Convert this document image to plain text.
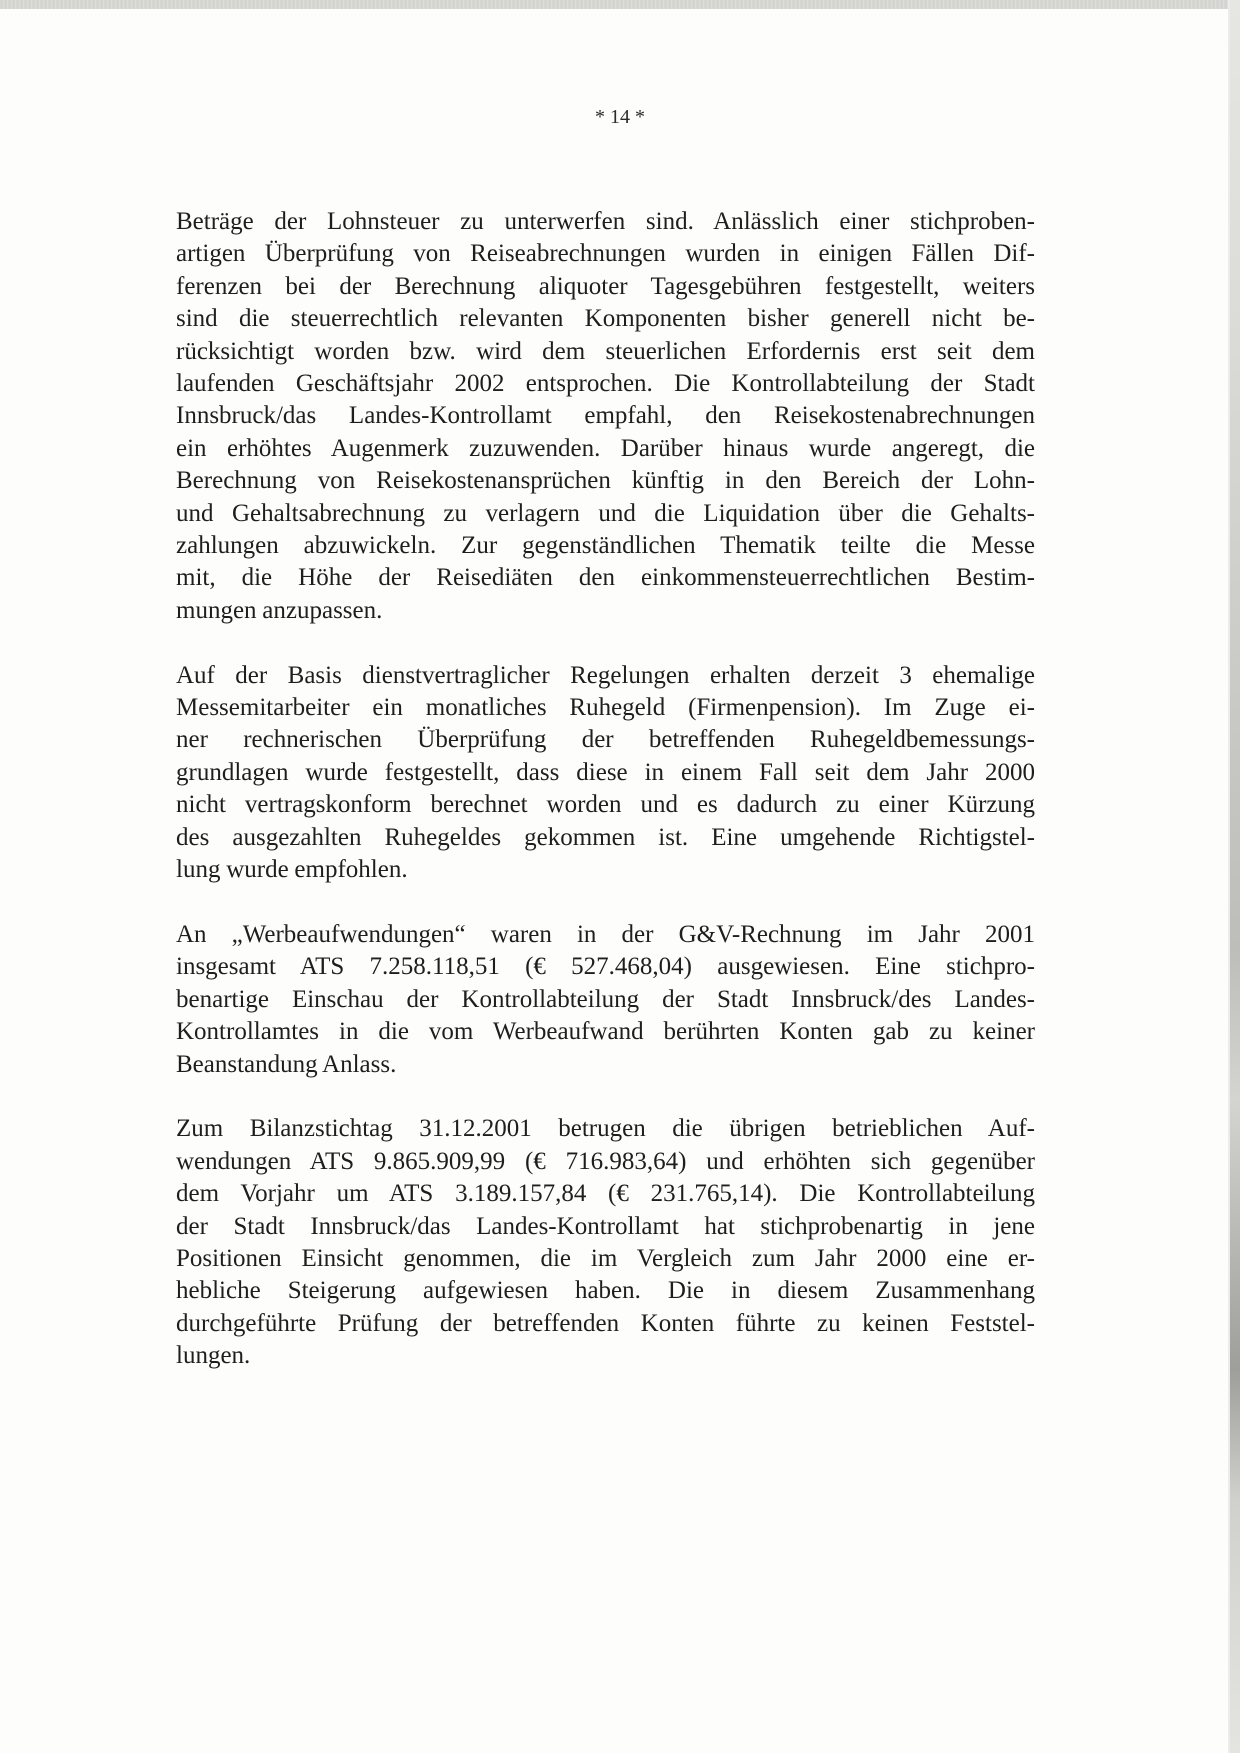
* 14 *

Beträge der Lohnsteuer zu unterwerfen sind. Anlässlich einer stichproben-
artigen Überprüfung von Reiseabrechnungen wurden in einigen Fällen Dif-
ferenzen bei der Berechnung aliquoter Tagesgebühren festgestellt, weiters
sind die steuerrechtlich relevanten Komponenten bisher generell nicht be-
rücksichtigt worden bzw. wird dem steuerlichen Erfordernis erst seit dem
laufenden Geschäftsjahr 2002 entsprochen. Die Kontrollabteilung der Stadt
Innsbruck/das Landes-Kontrollamt empfahl, den Reisekostenabrechnungen
ein erhöhtes Augenmerk zuzuwenden. Darüber hinaus wurde angeregt, die
Berechnung von Reisekostenansprüchen künftig in den Bereich der Lohn-
und Gehaltsabrechnung zu verlagern und die Liquidation über die Gehalts-
zahlungen abzuwickeln. Zur gegenständlichen Thematik teilte die Messe
mit, die Höhe der Reisediäten den einkommensteuerrechtlichen Bestim-
mungen anzupassen.

Auf der Basis dienstvertraglicher Regelungen erhalten derzeit 3 ehemalige
Messemitarbeiter ein monatliches Ruhegeld (Firmenpension). Im Zuge ei-
ner rechnerischen Überprüfung der betreffenden Ruhegeldbemessungs-
grundlagen wurde festgestellt, dass diese in einem Fall seit dem Jahr 2000
nicht vertragskonform berechnet worden und es dadurch zu einer Kürzung
des ausgezahlten Ruhegeldes gekommen ist. Eine umgehende Richtigstel-
lung wurde empfohlen.

An „Werbeaufwendungen“ waren in der G&V-Rechnung im Jahr 2001
insgesamt ATS 7.258.118,51 (€ 527.468,04) ausgewiesen. Eine stichpro-
benartige Einschau der Kontrollabteilung der Stadt Innsbruck/des Landes-
Kontrollamtes in die vom Werbeaufwand berührten Konten gab zu keiner
Beanstandung Anlass.

Zum Bilanzstichtag 31.12.2001 betrugen die übrigen betrieblichen Auf-
wendungen ATS 9.865.909,99 (€ 716.983,64) und erhöhten sich gegenüber
dem Vorjahr um ATS 3.189.157,84 (€ 231.765,14). Die Kontrollabteilung
der Stadt Innsbruck/das Landes-Kontrollamt hat stichprobenartig in jene
Positionen Einsicht genommen, die im Vergleich zum Jahr 2000 eine er-
hebliche Steigerung aufgewiesen haben. Die in diesem Zusammenhang
durchgeführte Prüfung der betreffenden Konten führte zu keinen Feststel-
lungen.
